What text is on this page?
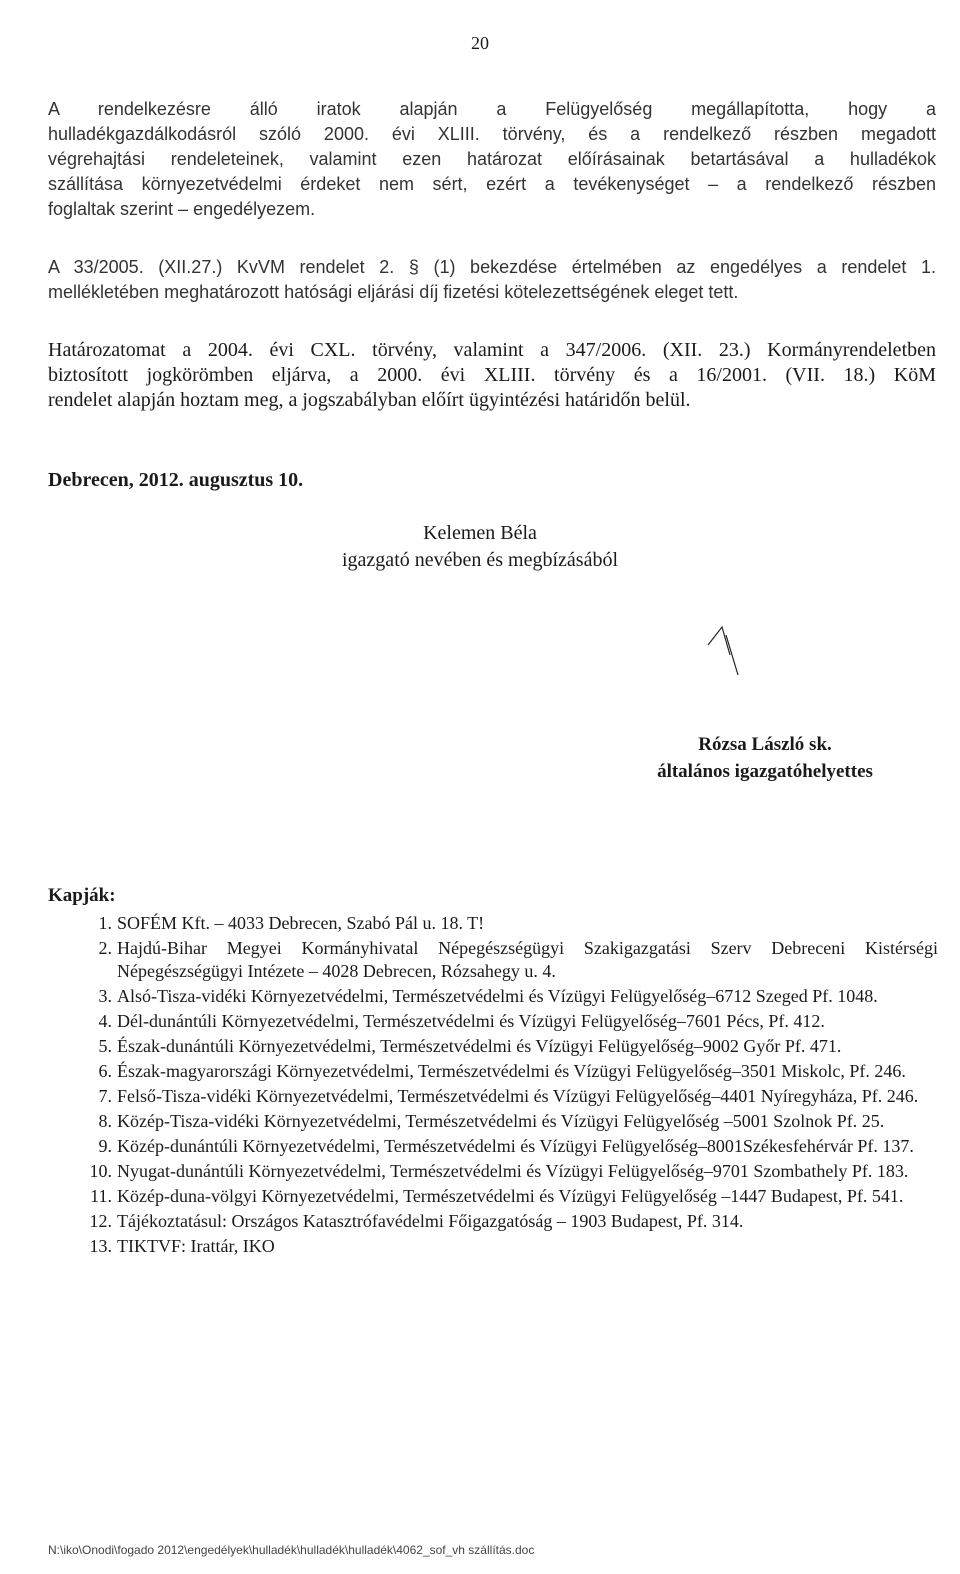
20
A rendelkezésre álló iratok alapján a Felügyelőség megállapította, hogy a
hulladékgazdálkodásról szóló 2000. évi XLIII. törvény, és a rendelkező részben megadott
végrehajtási rendeleteinek, valamint ezen határozat előírásainak betartásával a hulladékok
szállítása környezetvédelmi érdeket nem sért, ezért a tevékenységet – a rendelkező részben
foglaltak szerint – engedélyezem.
A 33/2005. (XII.27.) KvVM rendelet 2. § (1) bekezdése értelmében az engedélyes a rendelet 1.
mellékletében meghatározott hatósági eljárási díj fizetési kötelezettségének eleget tett.
Határozatomat a 2004. évi CXL. törvény, valamint a 347/2006. (XII. 23.) Kormányrendeletben
biztosított jogkörömben eljárva, a 2000. évi XLIII. törvény és a 16/2001. (VII. 18.) KöM
rendelet alapján hoztam meg, a jogszabályban előírt ügyintézési határidőn belül.
Debrecen, 2012. augusztus 10.
Kelemen Béla
igazgató nevében és megbízásából
Rózsa László sk.
általános igazgatóhelyettes
Kapják:
1. SOFÉM Kft. – 4033 Debrecen, Szabó Pál u. 18. T!
2. Hajdú-Bihar Megyei Kormányhivatal Népegészségügyi Szakigazgatási Szerv Debreceni Kistérségi Népegészségügyi Intézete – 4028 Debrecen, Rózsahegy u. 4.
3. Alsó-Tisza-vidéki Környezetvédelmi, Természetvédelmi és Vízügyi Felügyelőség–6712 Szeged Pf. 1048.
4. Dél-dunántúli Környezetvédelmi, Természetvédelmi és Vízügyi Felügyelőség–7601 Pécs, Pf. 412.
5. Észak-dunántúli Környezetvédelmi, Természetvédelmi és Vízügyi Felügyelőség–9002 Győr Pf. 471.
6. Észak-magyarországi Környezetvédelmi, Természetvédelmi és Vízügyi Felügyelőség–3501 Miskolc, Pf. 246.
7. Felső-Tisza-vidéki Környezetvédelmi, Természetvédelmi és Vízügyi Felügyelőség–4401 Nyíregyháza, Pf. 246.
8. Közép-Tisza-vidéki Környezetvédelmi, Természetvédelmi és Vízügyi Felügyelőség –5001 Szolnok Pf. 25.
9. Közép-dunántúli Környezetvédelmi, Természetvédelmi és Vízügyi Felügyelőség–8001Székesfehérvár Pf. 137.
10. Nyugat-dunántúli Környezetvédelmi, Természetvédelmi és Vízügyi Felügyelőség–9701 Szombathely Pf. 183.
11. Közép-duna-völgyi Környezetvédelmi, Természetvédelmi és Vízügyi Felügyelőség –1447 Budapest, Pf. 541.
12. Tájékoztatásul: Országos Katasztrófavédelmi Főigazgatóság – 1903 Budapest, Pf. 314.
13. TIKTVF: Irattár, IKO
N:\iko\Onodi\fogado 2012\engedélyek\hulladék\hulladék\hulladék\4062_sof_vh szállítás.doc
